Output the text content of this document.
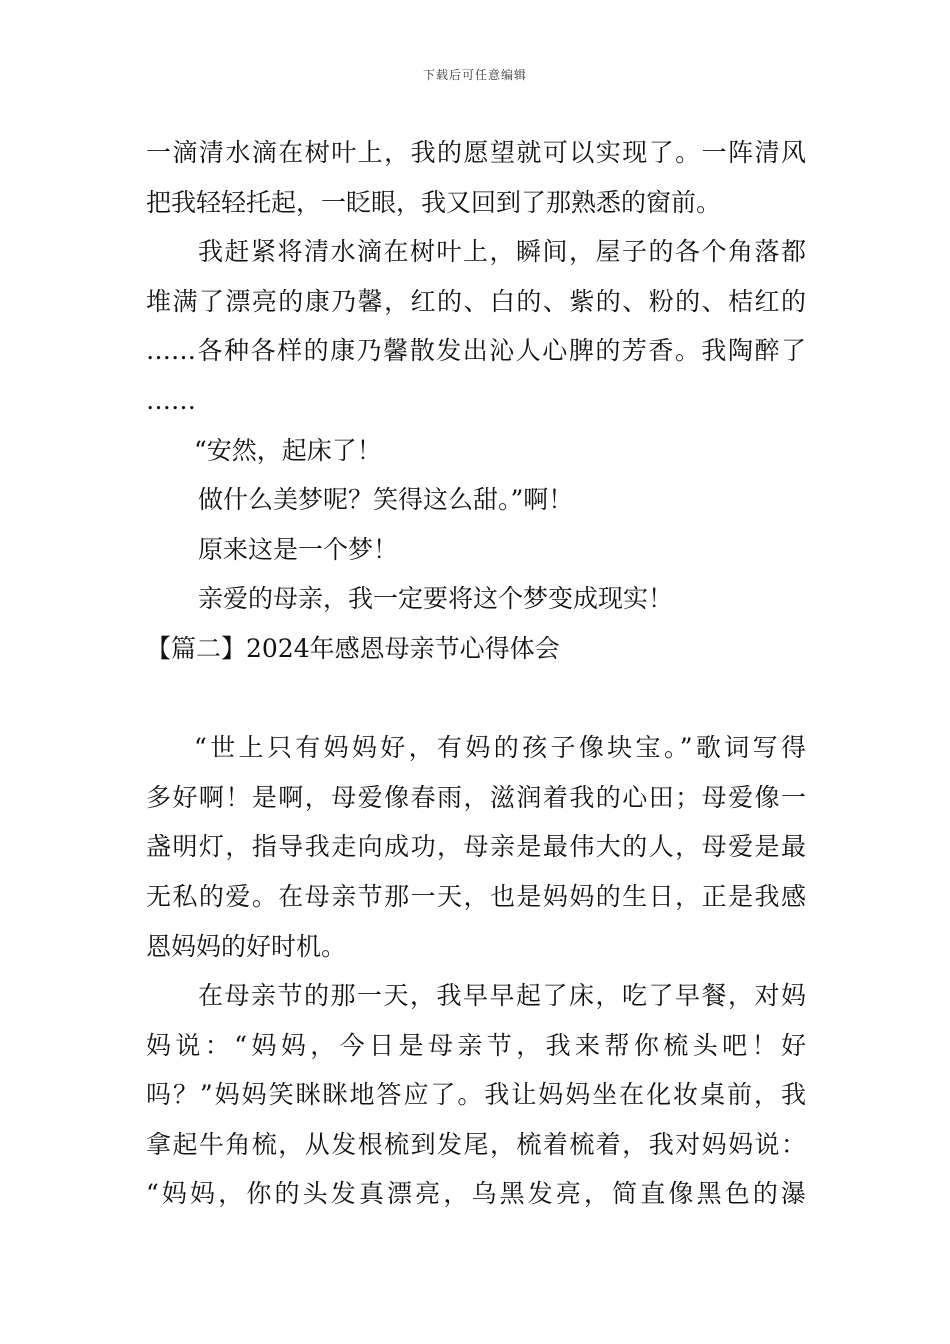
下载后可任意编辑
一滴清水滴在树叶上，我的愿望就可以实现了。一阵清风
把我轻轻托起，一眨眼，我又回到了那熟悉的窗前。
我赶紧将清水滴在树叶上，瞬间，屋子的各个角落都
堆满了漂亮的康乃馨，红的、白的、紫的、粉的、桔红的
……各种各样的康乃馨散发出沁人心脾的芳香。我陶醉了
……
“安然，起床了！
做什么美梦呢？笑得这么甜。”啊！
原来这是一个梦！
亲爱的母亲，我一定要将这个梦变成现实！
【篇二】2024年感恩母亲节心得体会
“世上只有妈妈好，有妈的孩子像块宝。”歌词写得
多好啊！是啊，母爱像春雨，滋润着我的心田；母爱像一
盏明灯，指导我走向成功，母亲是最伟大的人，母爱是最
无私的爱。在母亲节那一天，也是妈妈的生日，正是我感
恩妈妈的好时机。
在母亲节的那一天，我早早起了床，吃了早餐，对妈
妈说：“妈妈，今日是母亲节，我来帮你梳头吧！好
吗？”妈妈笑眯眯地答应了。我让妈妈坐在化妆桌前，我
拿起牛角梳，从发根梳到发尾，梳着梳着，我对妈妈说：
“妈妈，你的头发真漂亮，乌黑发亮，简直像黑色的瀑
